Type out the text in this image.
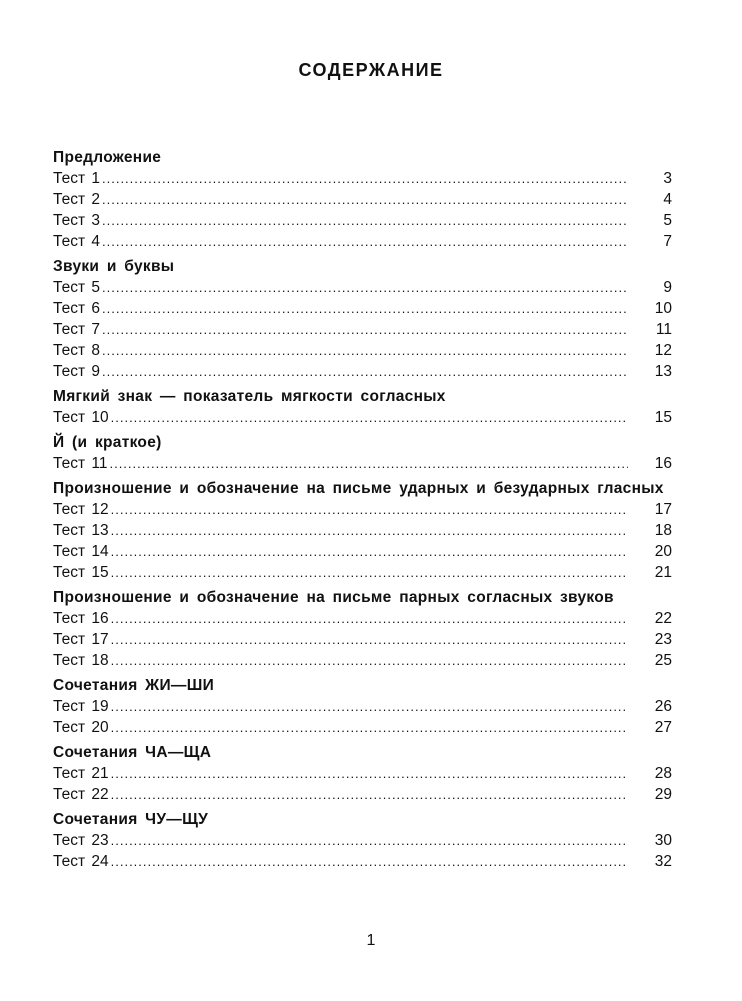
СОДЕРЖАНИЕ
Предложение
Тест 1 .....	3
Тест 2 .....	4
Тест 3 .....	5
Тест 4 .....	7
Звуки и буквы
Тест 5 .....	9
Тест 6 .....	10
Тест 7 .....	11
Тест 8 .....	12
Тест 9 .....	13
Мягкий знак — показатель мягкости согласных
Тест 10 .....	15
Й (и краткое)
Тест 11 .....	16
Произношение и обозначение на письме ударных и безударных гласных
Тест 12 .....	17
Тест 13 .....	18
Тест 14 .....	20
Тест 15 .....	21
Произношение и обозначение на письме парных согласных звуков
Тест 16 .....	22
Тест 17 .....	23
Тест 18 .....	25
Сочетания ЖИ—ШИ
Тест 19 .....	26
Тест 20 .....	27
Сочетания ЧА—ЩА
Тест 21 .....	28
Тест 22 .....	29
Сочетания ЧУ—ЩУ
Тест 23 .....	30
Тест 24 .....	32
1
